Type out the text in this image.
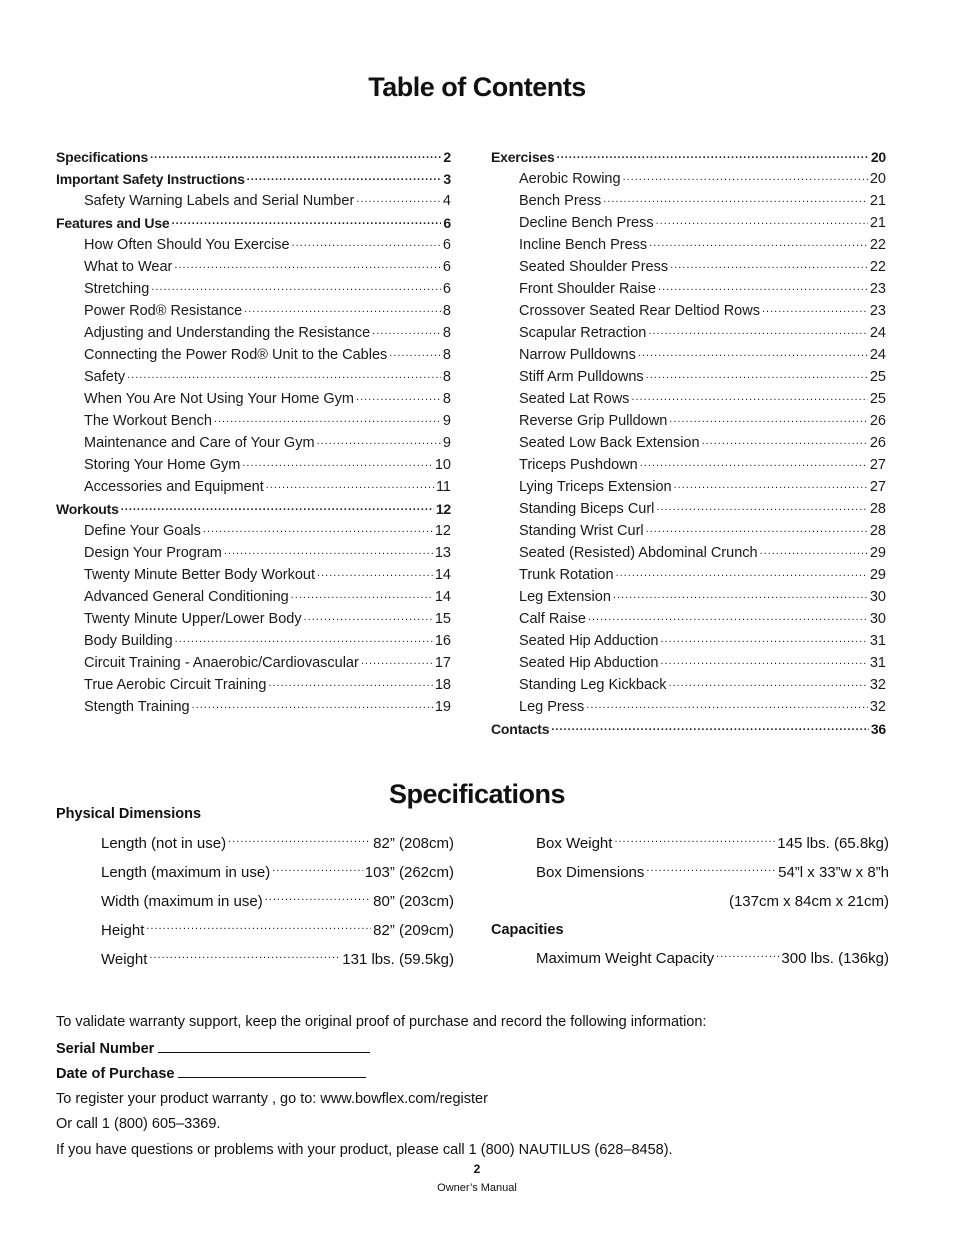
Table of Contents
Specifications .....	2
Important Safety Instructions .....	3
Safety Warning Labels and Serial Number .....	4
Features and Use .....	6
How Often Should You Exercise .....	6
What to Wear .....	6
Stretching .....	6
Power Rod® Resistance .....	8
Adjusting and Understanding the Resistance .....	8
Connecting the Power Rod® Unit to the Cables .....	8
Safety .....	8
When You Are Not Using Your Home Gym .....	8
The Workout Bench .....	9
Maintenance and Care of Your Gym .....	9
Storing Your Home Gym .....	10
Accessories and Equipment .....	11
Workouts .....	12
Define Your Goals .....	12
Design Your Program .....	13
Twenty Minute Better Body Workout .....	14
Advanced General Conditioning .....	14
Twenty Minute Upper/Lower Body .....	15
Body Building .....	16
Circuit Training - Anaerobic/Cardiovascular .....	17
True Aerobic Circuit Training .....	18
Stength Training .....	19
Exercises .....	20
Aerobic Rowing .....	20
Bench Press .....	21
Decline Bench Press .....	21
Incline Bench Press .....	22
Seated Shoulder Press .....	22
Front Shoulder Raise .....	23
Crossover Seated Rear Deltiod Rows .....	23
Scapular Retraction .....	24
Narrow Pulldowns .....	24
Stiff Arm Pulldowns .....	25
Seated Lat Rows .....	25
Reverse Grip Pulldown .....	26
Seated Low Back Extension .....	26
Triceps Pushdown .....	27
Lying Triceps Extension .....	27
Standing Biceps Curl .....	28
Standing Wrist Curl .....	28
Seated (Resisted) Abdominal Crunch .....	29
Trunk Rotation .....	29
Leg Extension .....	30
Calf Raise .....	30
Seated Hip Adduction .....	31
Seated Hip Abduction .....	31
Standing Leg Kickback .....	32
Leg Press .....	32
Contacts .....	36
Specifications
Physical Dimensions
Length (not in use) .....	82” (208cm)
Length (maximum in use) .....	103” (262cm)
Width (maximum in use) .....	80” (203cm)
Height .....	82” (209cm)
Weight .....	131 lbs. (59.5kg)
Box Weight .....	145 lbs. (65.8kg)
Box Dimensions .....	54”l x 33”w x 8”h
(137cm x 84cm x 21cm)
Capacities
Maximum Weight Capacity .....	300 lbs. (136kg)
To validate warranty support, keep the original proof of purchase and record the following information:
Serial Number
Date of Purchase
To register your product warranty , go to: www.bowflex.com/register
Or call 1 (800) 605–3369.
If you have questions or problems with your product, please call 1 (800) NAUTILUS (628–8458).
2
Owner’s Manual
